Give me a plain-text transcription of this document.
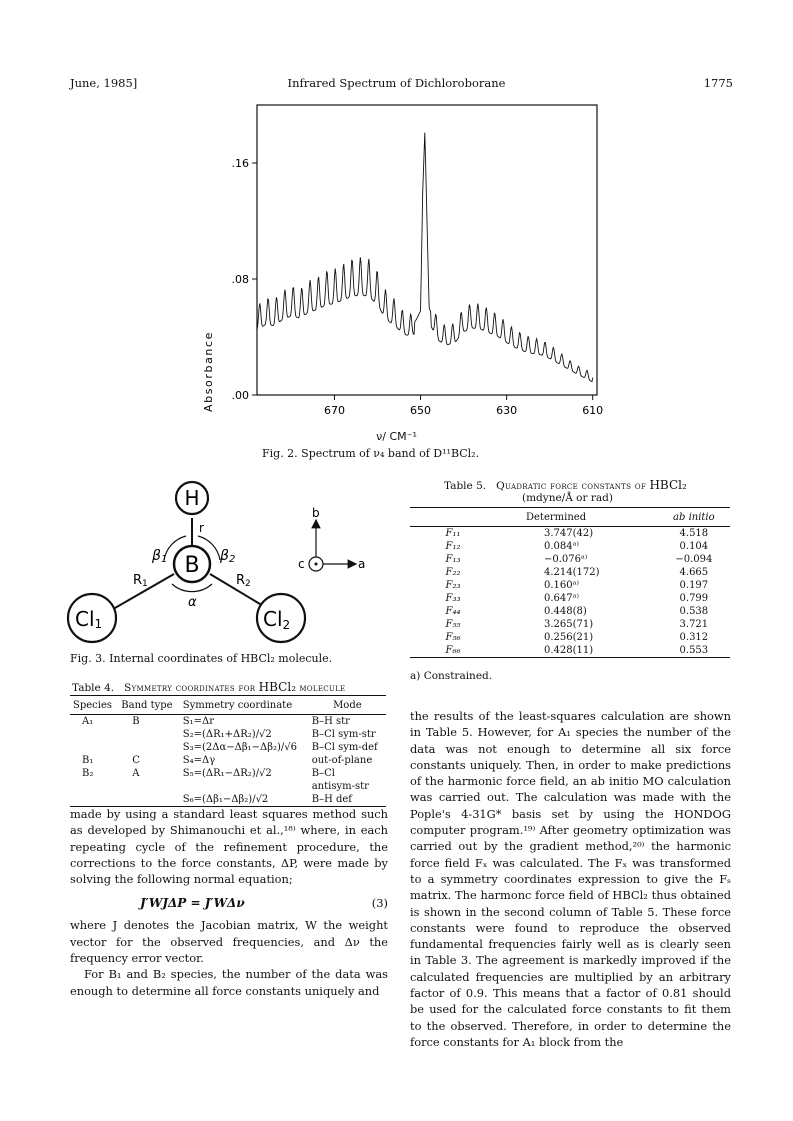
June, 1985]	Infrared Spectrum of Dichloroborane	1775
.00
.08
.16
670	650	630	610
Absorbance
ν/ CM⁻¹
Fig. 2. Spectrum of ν₄ band of D¹¹BCl₂.
H
B
Cl1	Cl2
r
β1	β2
R1	R2
α
b
a
c
Fig. 3. Internal coordinates of HBCl₂ molecule.
Table 4. Symmetry coordinates for HBCl₂ molecule
Species	Band type	Symmetry coordinate	Mode
A₁	B	S₁=Δr	B–H str
		S₂=(ΔR₁+ΔR₂)/√2	B–Cl sym-str
		S₃=(2Δα−Δβ₁−Δβ₂)/√6	B–Cl sym-def
B₁	C	S₄=Δγ	out-of-plane
B₂	A	S₅=(ΔR₁−ΔR₂)/√2	B–Cl
			antisym-str
		S₆=(Δβ₁−Δβ₂)/√2	B–H def
Table 5. Quadratic force constants of HBCl₂
(mdyne/Å or rad)
	Determined	ab initio
F₁₁	3.747(42)	4.518
F₁₂	0.084ᵃ⁾	0.104
F₁₃	−0.076ᵃ⁾	−0.094
F₂₂	4.214(172)	4.665
F₂₃	0.160ᵃ⁾	0.197
F₃₃	0.647ᵃ⁾	0.799
F₄₄	0.448(8)	0.538
F₅₅	3.265(71)	3.721
F₅₆	0.256(21)	0.312
F₆₆	0.428(11)	0.553
a) Constrained.

made by using a standard least squares method such as developed by Shimanouchi et al.,¹⁸⁾ where, in each repeating cycle of the refinement procedure, the corrections to the force constants, ΔP, were made by solving the following normal equation;

J′WJΔP = J′WΔν	(3)

where J denotes the Jacobian matrix, W the weight vector for the observed frequencies, and Δν the frequency error vector.

For B₁ and B₂ species, the number of the data was enough to determine all force constants uniquely and

the results of the least-squares calculation are shown in Table 5. However, for A₁ species the number of the data was not enough to determine all six force constants uniquely. Then, in order to make predictions of the harmonic force field, an ab initio MO calculation was carried out. The calculation was made with the Pople's 4-31G* basis set by using the HONDOG computer program.¹⁹⁾ After geometry optimization was carried out by the gradient method,²⁰⁾ the harmonic force field Fₓ was calculated. The Fₓ was transformed to a symmetry coordinates expression to give the Fₛ matrix. The harmonc force field of HBCl₂ thus obtained is shown in the second column of Table 5. These force constants were found to reproduce the observed fundamental frequencies fairly well as is clearly seen in Table 3. The agreement is markedly improved if the calculated frequencies are multiplied by an arbitrary factor of 0.9. This means that a factor of 0.81 should be used for the calculated force constants to fit them to the observed. Therefore, in order to determine the force constants for A₁ block from the
